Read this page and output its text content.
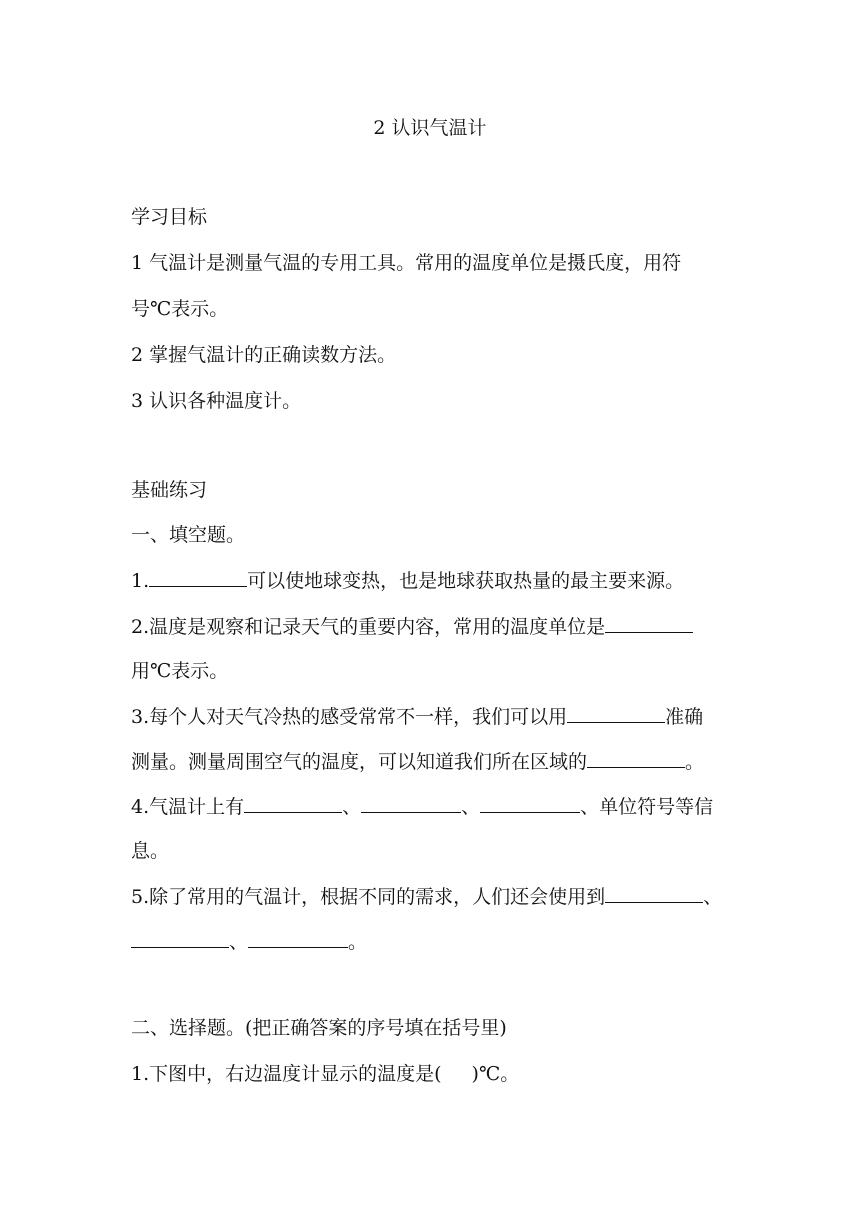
2 认识气温计
学习目标
1 气温计是测量气温的专用工具。常用的温度单位是摄氏度，用符
号℃表示。
2 掌握气温计的正确读数方法。
3 认识各种温度计。
基础练习
一、填空题。
1.	可以使地球变热，也是地球获取热量的最主要来源。
2.温度是观察和记录天气的重要内容，常用的温度单位是
用℃表示。
3.每个人对天气冷热的感受常常不一样，我们可以用	准确
测量。测量周围空气的温度，可以知道我们所在区域的	。
4.气温计上有	、	、	、单位符号等信
息。
5.除了常用的气温计，根据不同的需求，人们还会使用到	、
、	。
二、选择题。(把正确答案的序号填在括号里)
1.下图中，右边温度计显示的温度是( )℃。
